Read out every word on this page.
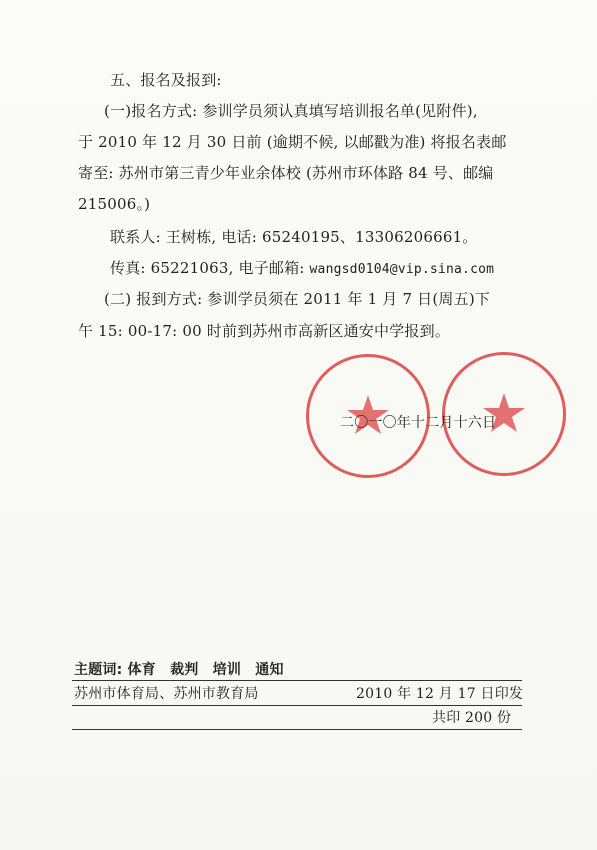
五、报名及报到:
(一)报名方式: 参训学员须认真填写培训报名单(见附件),
于 2010 年 12 月 30 日前 (逾期不候, 以邮戳为准) 将报名表邮
寄至: 苏州市第三青少年业余体校 (苏州市环体路 84 号、邮编
215006。)
联系人: 王树栋, 电话: 65240195、13306206661。
传真: 65221063, 电子邮箱: wangsd0104@vip.sina.com
(二) 报到方式: 参训学员须在 2011 年 1 月 7 日(周五)下
午 15: 00-17: 00 时前到苏州市高新区通安中学报到。
二〇一〇年十二月十六日
主题词: 体育　裁判　培训　通知
苏州市体育局、苏州市教育局	2010 年 12 月 17 日印发
共印 200 份
